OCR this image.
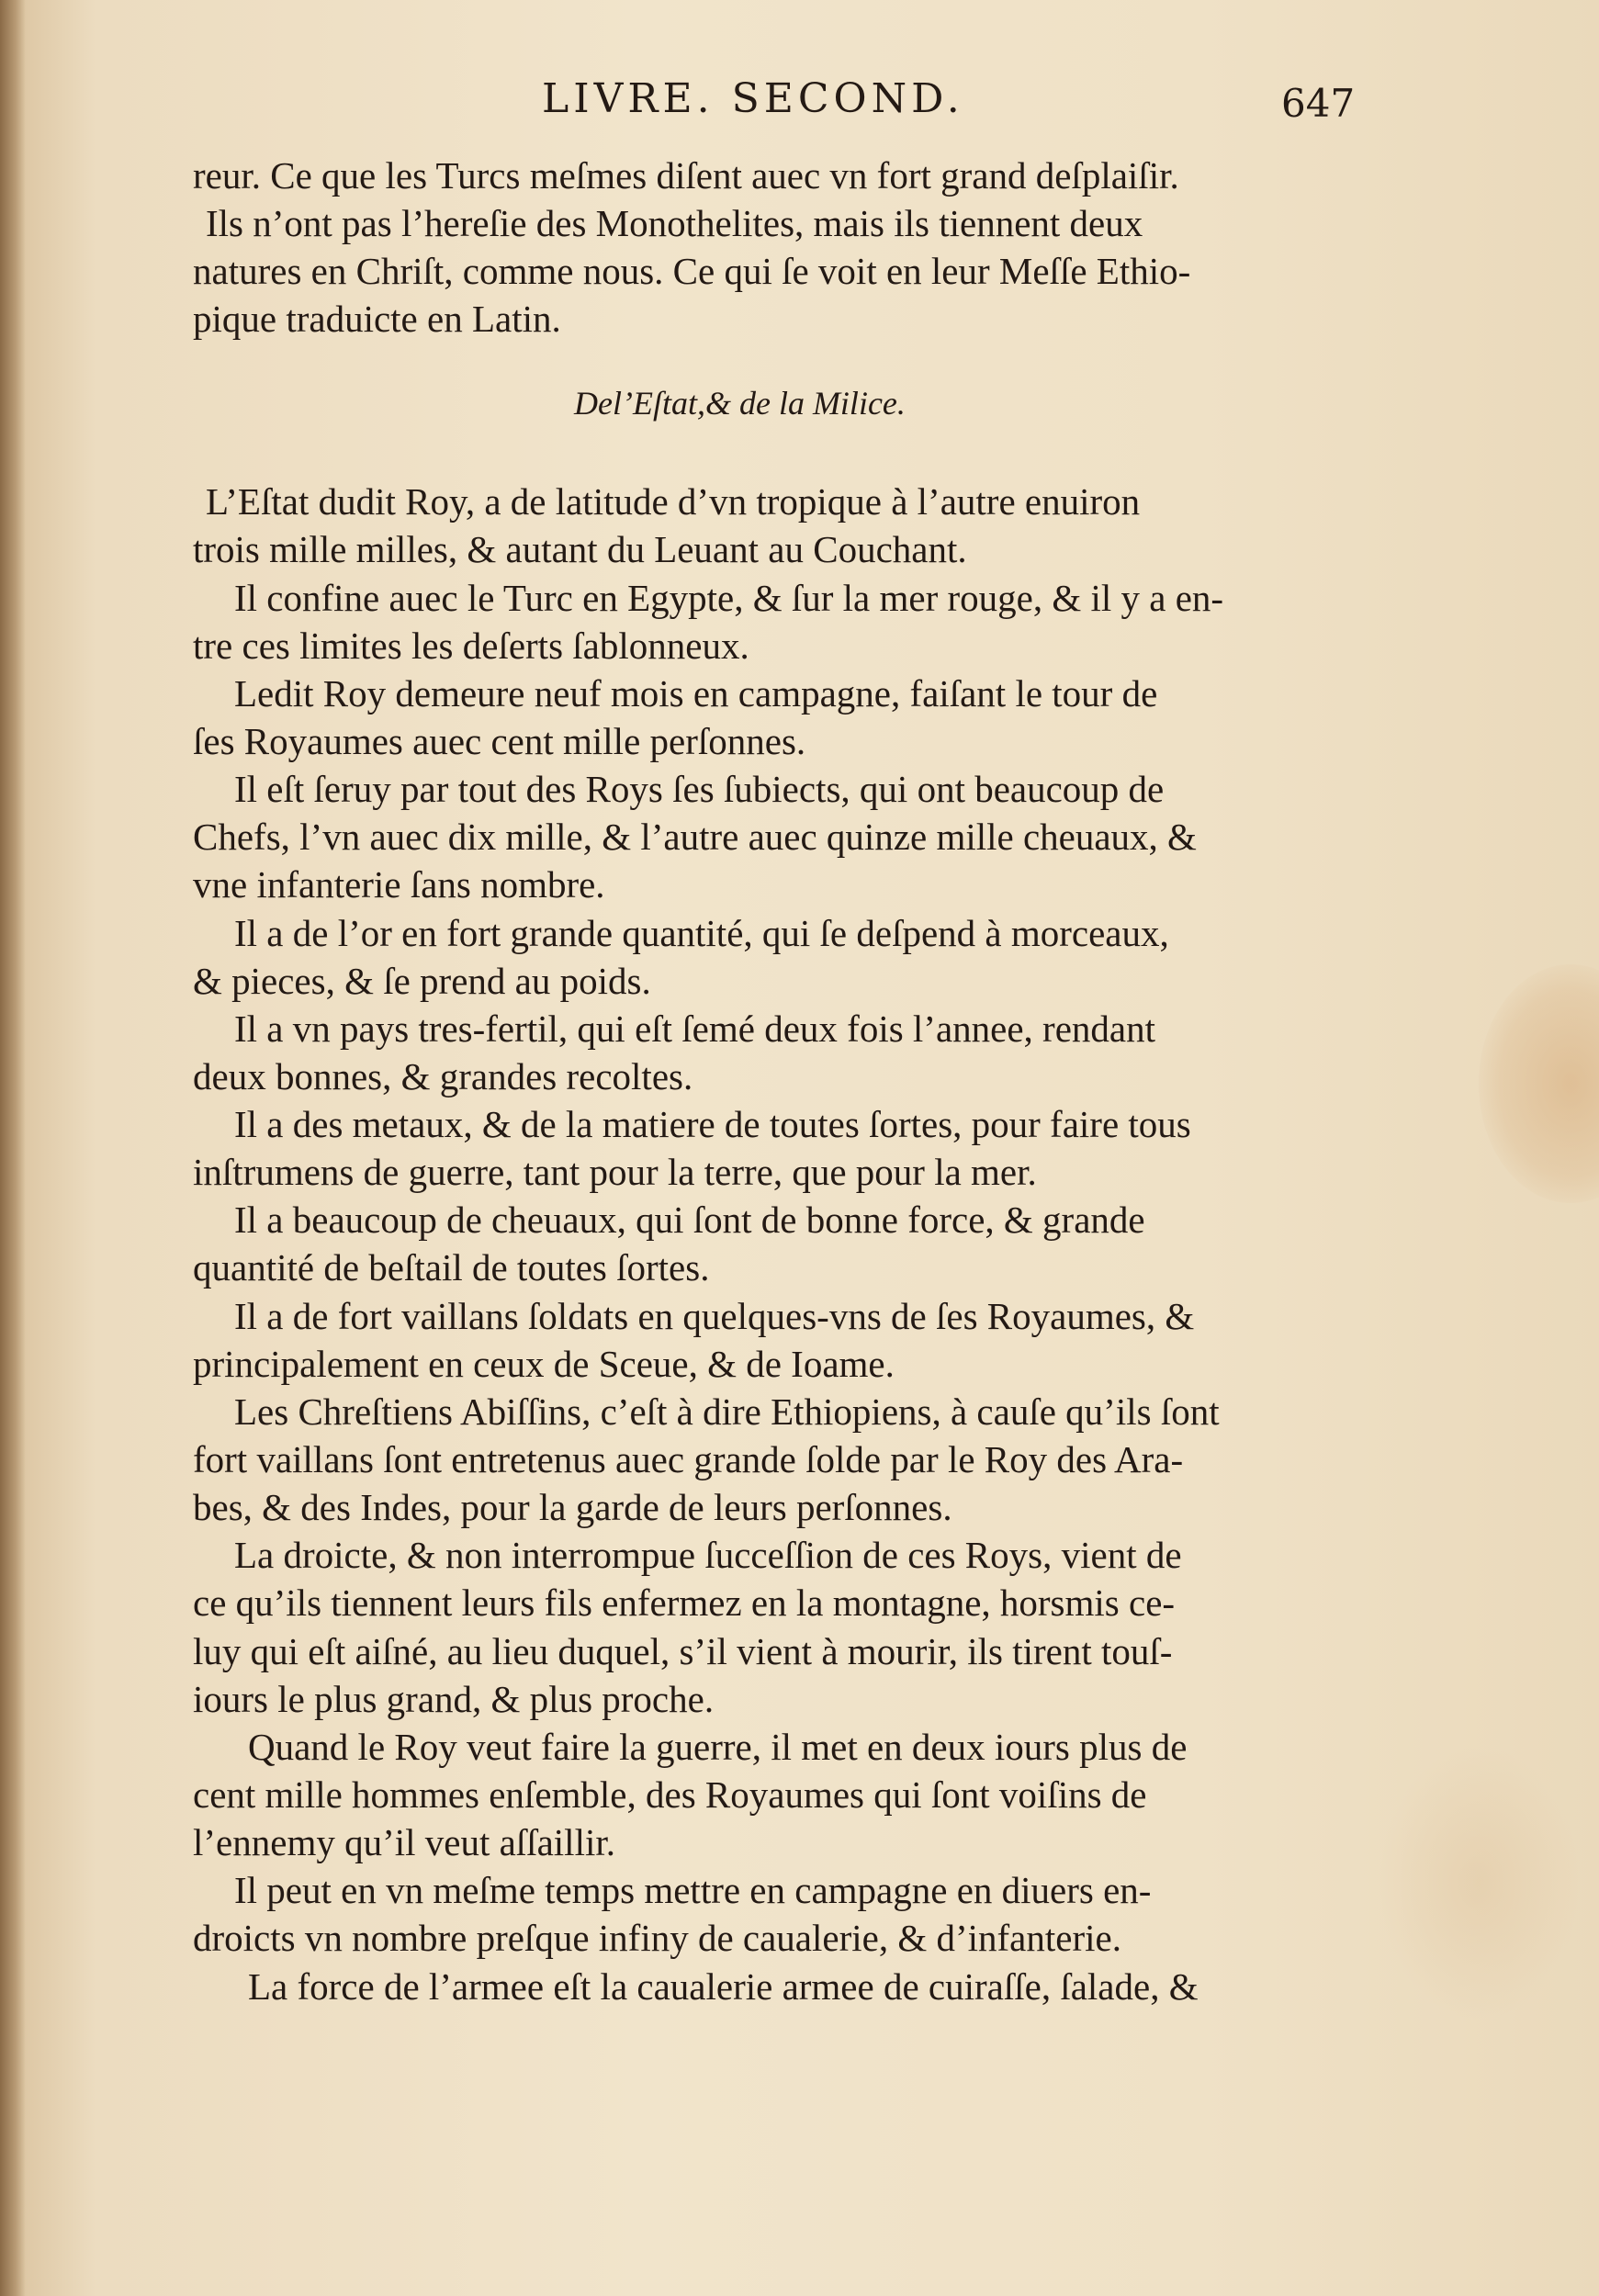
LIVRE. SECOND.	647
Del’Eſtat,& de la Milice.
reur. Ce que les Turcs meſmes diſent auec vn fort grand deſplaiſir.
Ils n’ont pas l’hereſie des Monothelites, mais ils tiennent deux
natures en Chriſt, comme nous. Ce qui ſe voit en leur Meſſe Ethio-
pique traduicte en Latin.
L’Eſtat dudit Roy, a de latitude d’vn tropique à l’autre enuiron
trois mille milles, & autant du Leuant au Couchant.
Il confine auec le Turc en Egypte, & ſur la mer rouge, & il y a en-
tre ces limites les deſerts ſablonneux.
Ledit Roy demeure neuf mois en campagne, faiſant le tour de
ſes Royaumes auec cent mille perſonnes.
Il eſt ſeruy par tout des Roys ſes ſubiects, qui ont beaucoup de
Chefs, l’vn auec dix mille, & l’autre auec quinze mille cheuaux, &
vne infanterie ſans nombre.
Il a de l’or en fort grande quantité, qui ſe deſpend à morceaux,
& pieces, & ſe prend au poids.
Il a vn pays tres-fertil, qui eſt ſemé deux fois l’annee, rendant
deux bonnes, & grandes recoltes.
Il a des metaux, & de la matiere de toutes ſortes, pour faire tous
inſtrumens de guerre, tant pour la terre, que pour la mer.
Il a beaucoup de cheuaux, qui ſont de bonne force, & grande
quantité de beſtail de toutes ſortes.
Il a de fort vaillans ſoldats en quelques-vns de ſes Royaumes, &
principalement en ceux de Sceue, & de Ioame.
Les Chreſtiens Abiſſins, c’eſt à dire Ethiopiens, à cauſe qu’ils ſont
fort vaillans ſont entretenus auec grande ſolde par le Roy des Ara-
bes, & des Indes, pour la garde de leurs perſonnes.
La droicte, & non interrompue ſucceſſion de ces Roys, vient de
ce qu’ils tiennent leurs fils enfermez en la montagne, horsmis ce-
luy qui eſt aiſné, au lieu duquel, s’il vient à mourir, ils tirent touſ-
iours le plus grand, & plus proche.
Quand le Roy veut faire la guerre, il met en deux iours plus de
cent mille hommes enſemble, des Royaumes qui ſont voiſins de
l’ennemy qu’il veut aſſaillir.
Il peut en vn meſme temps mettre en campagne en diuers en-
droicts vn nombre preſque infiny de caualerie, & d’infanterie.
La force de l’armee eſt la caualerie armee de cuiraſſe, ſalade, &
